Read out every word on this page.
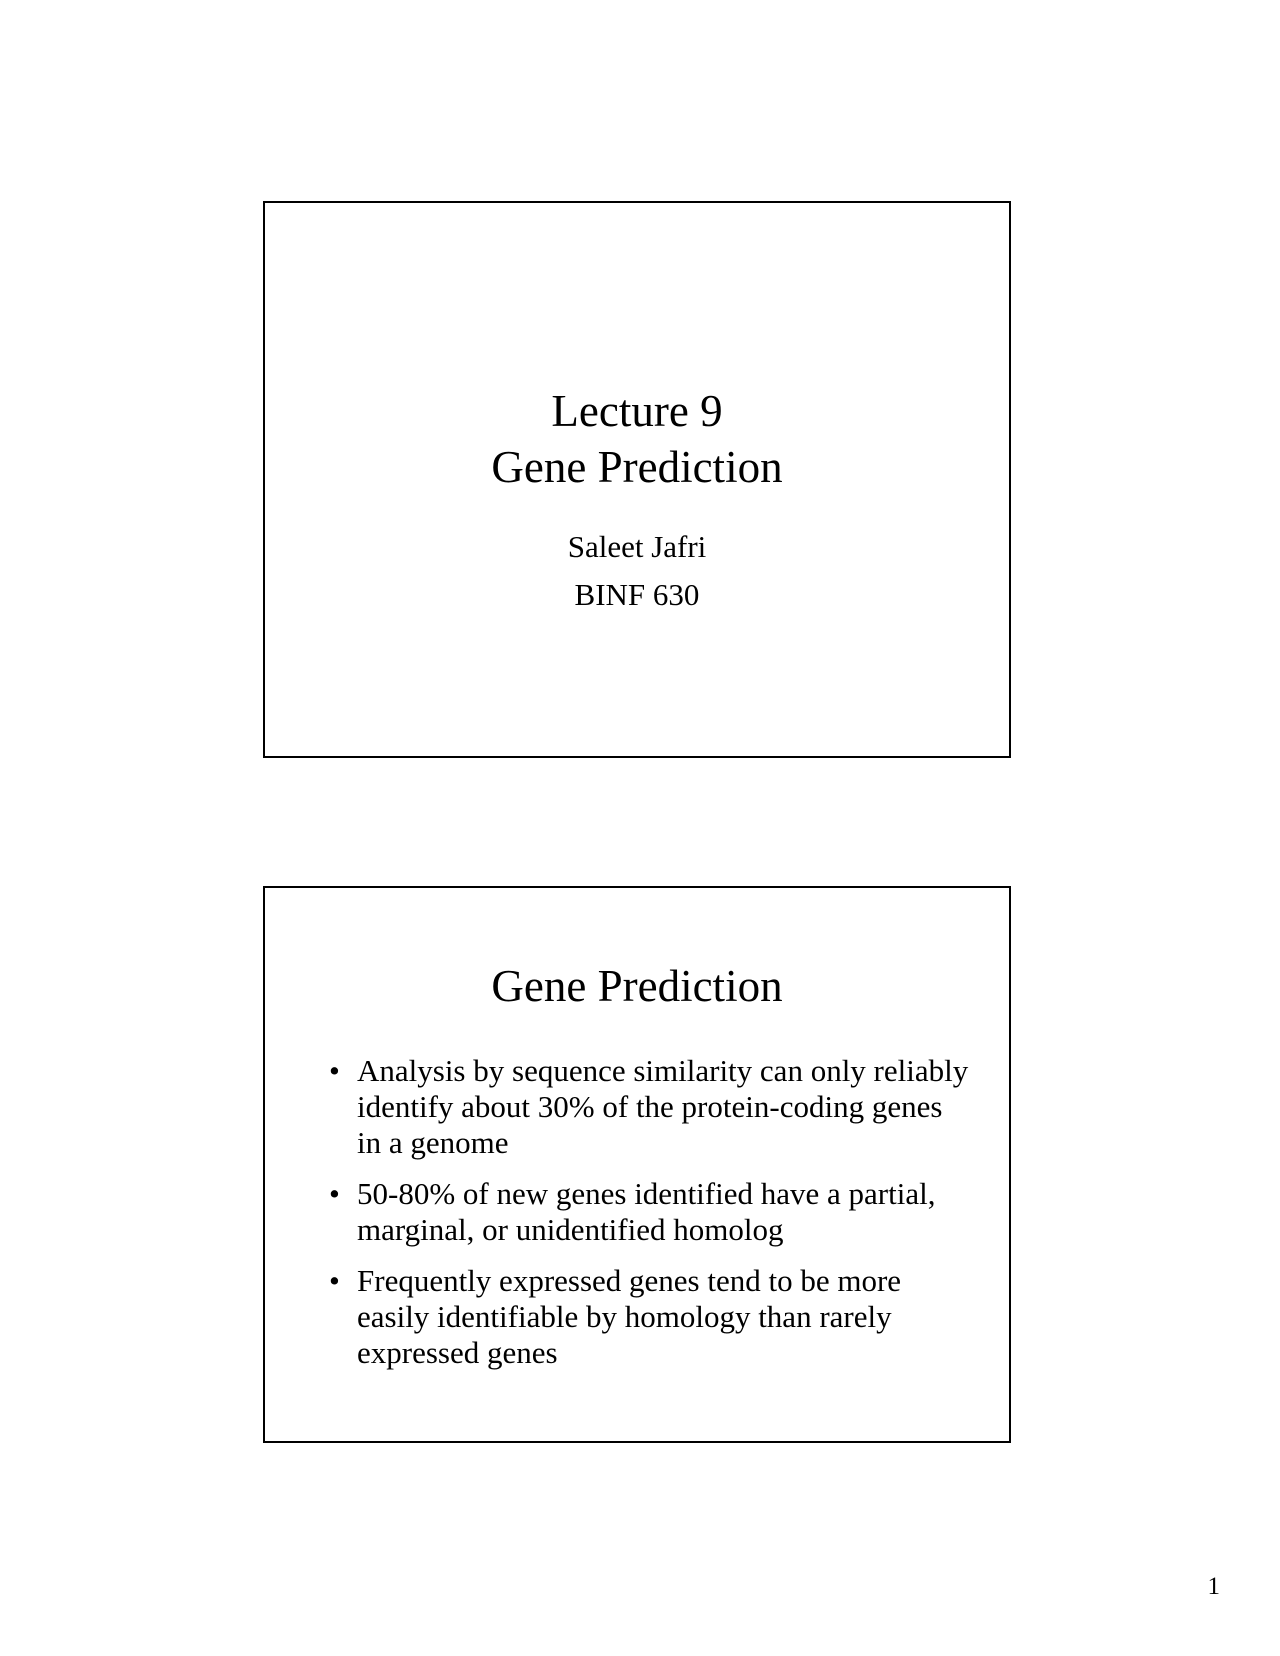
Lecture 9
Gene Prediction
Saleet Jafri
BINF 630
Gene Prediction
• Analysis by sequence similarity can only reliably identify about 30% of the protein-coding genes in a genome
• 50-80% of new genes identified have a partial, marginal, or unidentified homolog
• Frequently expressed genes tend to be more easily identifiable by homology than rarely expressed genes
1
